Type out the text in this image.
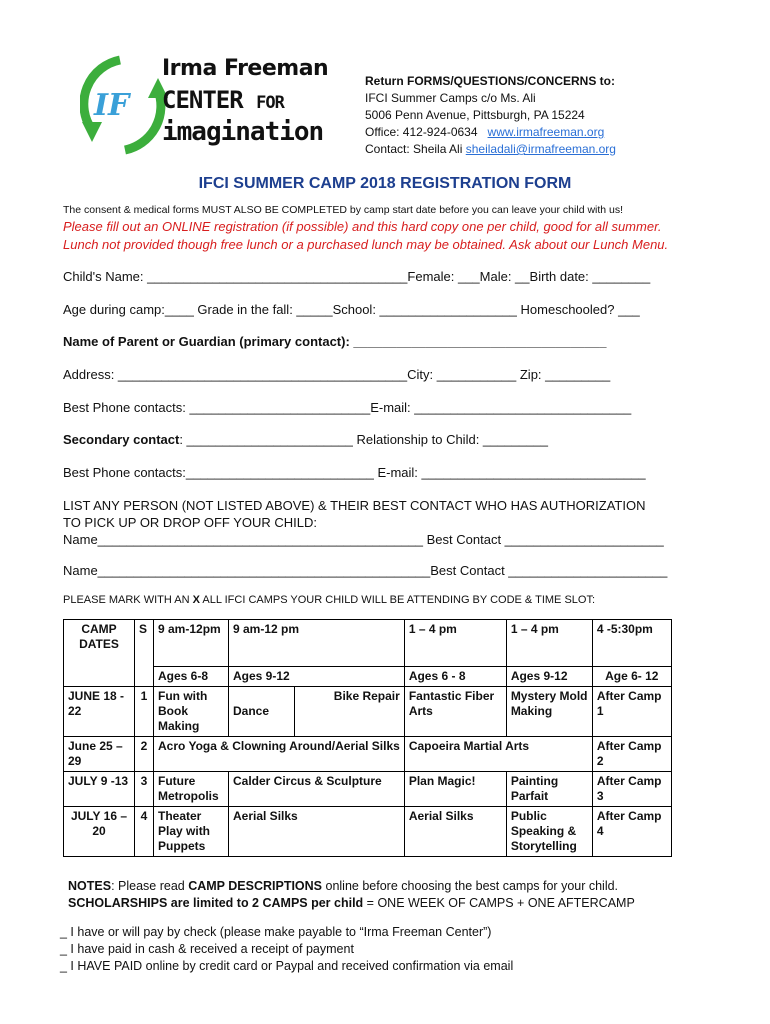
IF
Irma Freeman
CENTER FOR
imagination
Return FORMS/QUESTIONS/CONCERNS to:
IFCI Summer Camps c/o Ms. Ali
5006 Penn Avenue, Pittsburgh, PA 15224
Office: 412-924-0634 www.irmafreeman.org
Contact: Sheila Ali sheiladali@irmafreeman.org
IFCI SUMMER CAMP 2018 REGISTRATION FORM
The consent & medical forms MUST ALSO BE COMPLETED by camp start date before you can leave your child with us!
Please fill out an ONLINE registration (if possible) and this hard copy one per child, good for all summer.
Lunch not provided though free lunch or a purchased lunch may be obtained. Ask about our Lunch Menu.
Child's Name: ____________________________________Female: ___Male: __Birth date: ________
Age during camp:____ Grade in the fall: _____School: ___________________ Homeschooled? ___
Name of Parent or Guardian (primary contact): ___________________________________
Address: ________________________________________City: ___________ Zip: _________
Best Phone contacts: _________________________E-mail: ______________________________
Secondary contact: _______________________ Relationship to Child: _________
Best Phone contacts:__________________________ E-mail: _______________________________
LIST ANY PERSON (NOT LISTED ABOVE) & THEIR BEST CONTACT WHO HAS AUTHORIZATION
TO PICK UP OR DROP OFF YOUR CHILD:
Name_____________________________________________ Best Contact ______________________
Name______________________________________________Best Contact ______________________
PLEASE MARK WITH AN X ALL IFCI CAMPS YOUR CHILD WILL BE ATTENDING BY CODE & TIME SLOT:
CAMP DATES	S	9 am-12pm	9 am-12 pm		1 – 4 pm	1 – 4 pm	4 -5:30pm
		Ages 6-8	Ages 9-12		Ages 6 - 8	Ages 9-12	Age 6- 12
JUNE 18 - 22	1	Fun with Book Making	Dance	Bike Repair	Fantastic Fiber Arts	Mystery Mold Making	After Camp 1
June 25 –29	2	Acro Yoga & Clowning Around/Aerial Silks			Capoeira Martial Arts		After Camp 2
JULY 9 -13	3	Future Metropolis	Calder Circus & Sculpture		Plan Magic!	Painting Parfait	After Camp 3
JULY 16 – 20	4	Theater Play with Puppets	Aerial Silks		Aerial Silks	Public Speaking & Storytelling	After Camp 4
NOTES: Please read CAMP DESCRIPTIONS online before choosing the best camps for your child.
SCHOLARSHIPS are limited to 2 CAMPS per child = ONE WEEK OF CAMPS + ONE AFTERCAMP
_ I have or will pay by check (please make payable to “Irma Freeman Center”)
_ I have paid in cash & received a receipt of payment
_ I HAVE PAID online by credit card or Paypal and received confirmation via email
